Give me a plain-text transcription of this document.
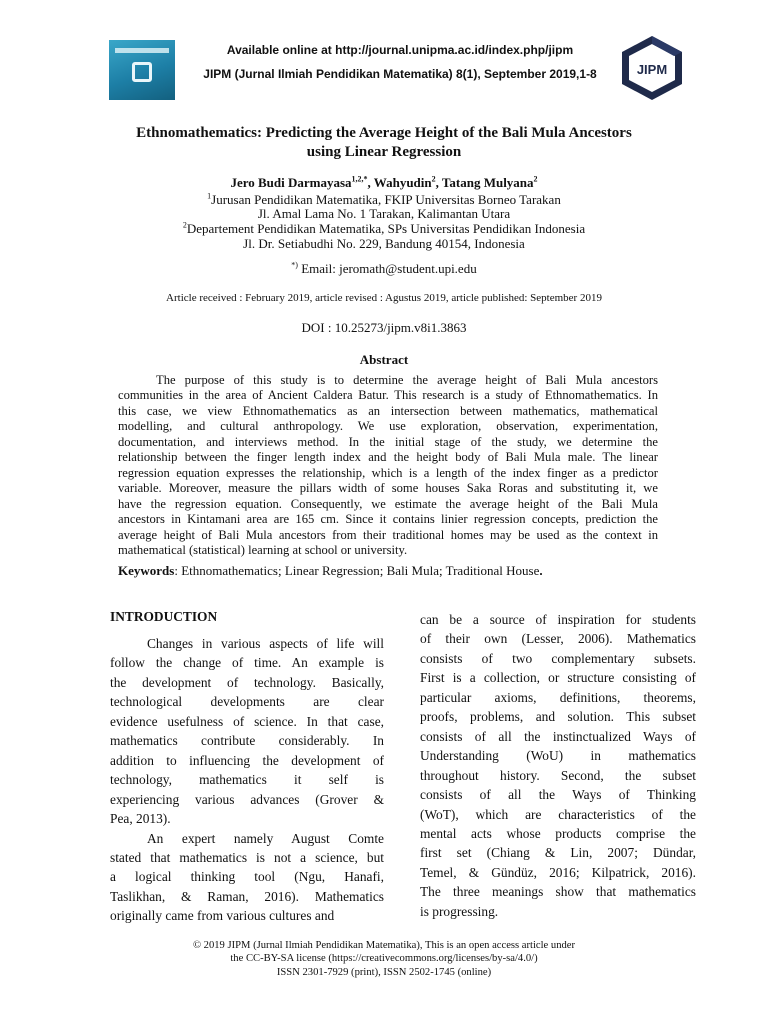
Available online at http://journal.unipma.ac.id/index.php/jipm
JIPM (Jurnal Ilmiah Pendidikan Matematika) 8(1), September 2019,1-8	JIPM
Ethnomathematics: Predicting the Average Height of the Bali Mula Ancestors
using Linear Regression
Jero Budi Darmayasa$^{1,2,*}$, Wahyudin$^2$, Tatang Mulyana$^2$
$^1$Jurusan Pendidikan Matematika, FKIP Universitas Borneo Tarakan
Jl. Amal Lama No. 1 Tarakan, Kalimantan Utara
$^2$Departement Pendidikan Matematika, SPs Universitas Pendidikan Indonesia
Jl. Dr. Setiabudhi No. 229, Bandung 40154, Indonesia
*) Email: jeromath@student.upi.edu
Article received : February 2019, article revised : Agustus 2019, article published: September 2019
DOI : 10.25273/jipm.v8i1.3863
Abstract
The purpose of this study is to determine the average height of Bali Mula ancestors
communities in the area of Ancient Caldera Batur. This research is a study of Ethnomathematics. In
this case, we view Ethnomathematics as an intersection between mathematics, mathematical
modelling, and cultural anthropology. We use exploration, observation, experimentation,
documentation, and interviews method. In the initial stage of the study, we determine the
relationship between the finger length index and the height body of Bali Mula male. The linear
regression equation expresses the relationship, which is a length of the index finger as a predictor
variable. Moreover, measure the pillars width of some houses Saka Roras and substituting it, we
have the regression equation. Consequently, we estimate the average height of the Bali Mula
ancestors in Kintamani area are 165 cm. Since it contains linier regression concepts, prediction the
average height of Bali Mula ancestors from their traditional homes may be used as the context in
mathematical (statistical) learning at school or university.
Keywords: Ethnomathematics; Linear Regression; Bali Mula; Traditional House.
INTRODUCTION
Changes in various aspects of life will
follow the change of time. An example is
the development of technology. Basically,
technological developments are clear
evidence usefulness of science. In that case,
mathematics contribute considerably. In
addition to influencing the development of
technology, mathematics it self is
experiencing various advances (Grover &
Pea, 2013).
An expert namely August Comte
stated that mathematics is not a science, but
a logical thinking tool (Ngu, Hanafi,
Taslikhan, & Raman, 2016). Mathematics
originally came from various cultures and
can be a source of inspiration for students
of their own (Lesser, 2006). Mathematics
consists of two complementary subsets.
First is a collection, or structure consisting of
particular axioms, definitions, theorems,
proofs, problems, and solution. This subset
consists of all the instinctualized Ways of
Understanding (WoU) in mathematics
throughout history. Second, the subset
consists of all the Ways of Thinking
(WoT), which are characteristics of the
mental acts whose products comprise the
first set (Chiang & Lin, 2007; Dündar,
Temel, & Gündüz, 2016; Kilpatrick, 2016).
The three meanings show that mathematics
is progressing.
© 2019 JIPM (Jurnal Ilmiah Pendidikan Matematika), This is an open access article under
the CC-BY-SA license (https://creativecommons.org/licenses/by-sa/4.0/)
ISSN 2301-7929 (print), ISSN 2502-1745 (online)
